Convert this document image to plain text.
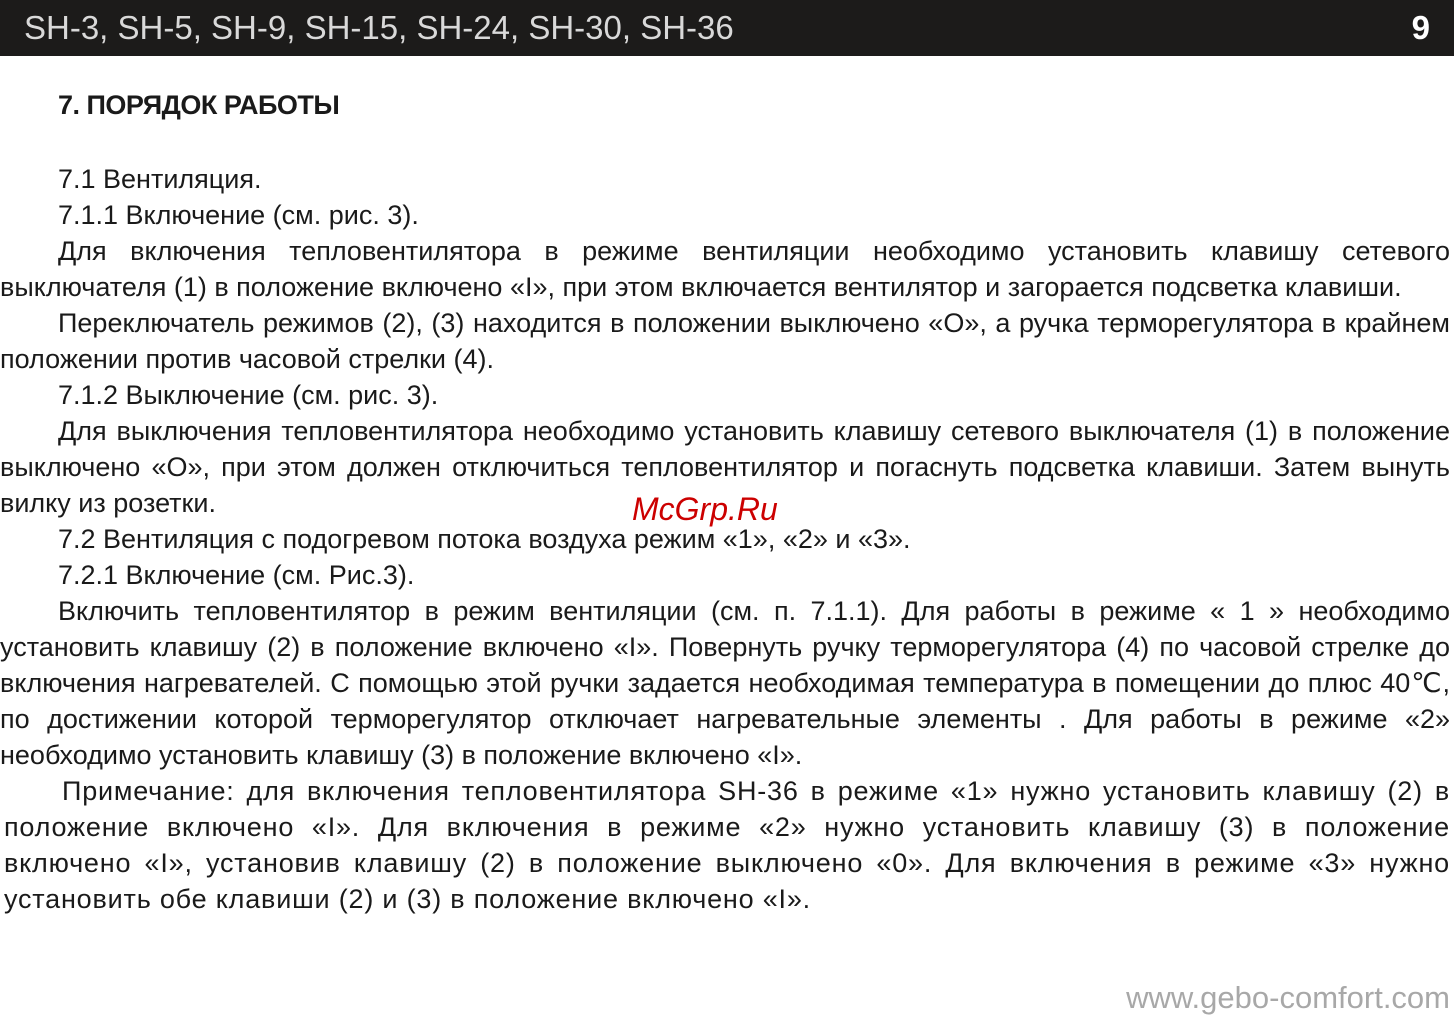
SH-3, SH-5, SH-9, SH-15, SH-24, SH-30, SH-36	9
7. ПОРЯДОК РАБОТЫ

7.1 Вентиляция.

7.1.1 Включение (см. рис. 3).

Для включения тепловентилятора в режиме вентиляции необходимо установить клавишу сетевого выключателя (1) в положение включено «I», при этом включается вентилятор и загорается подсветка клавиши.

Переключатель режимов (2), (3) находится в положении выключено «О», а ручка терморегулятора в крайнем положении против часовой стрелки (4).

7.1.2 Выключение (см. рис. 3).

Для выключения тепловентилятора необходимо установить клавишу сетевого выключателя (1) в положение выключено «О», при этом должен отключиться тепловентилятор и погаснуть подсветка клавиши. Затем вынуть вилку из розетки.

7.2 Вентиляция с подогревом потока воздуха режим «1», «2» и «3».

7.2.1 Включение (см. Рис.3).

Включить тепловентилятор в режим вентиляции (см. п. 7.1.1). Для работы в режиме « 1 » необходимо установить клавишу (2) в положение включено «I». Повернуть ручку терморегулятора (4) по часовой стрелке до включения нагревателей. С помощью этой ручки задается необходимая температура в помещении до плюс 40℃, по достижении которой терморегулятор отключает нагревательные элементы . Для работы в режиме «2» необходимо установить клавишу (3) в положение включено «I».

Примечание: для включения тепловентилятора SH-36 в режиме «1» нужно установить клавишу (2) в положение включено «I». Для включения в режиме «2» нужно установить клавишу (3) в положение включено «I», установив клавишу (2) в положение выключено «0». Для включения в режиме «3» нужно установить обе клавиши (2) и (3) в положение включено «I».

McGrp.Ru
www.gebo-comfort.com
